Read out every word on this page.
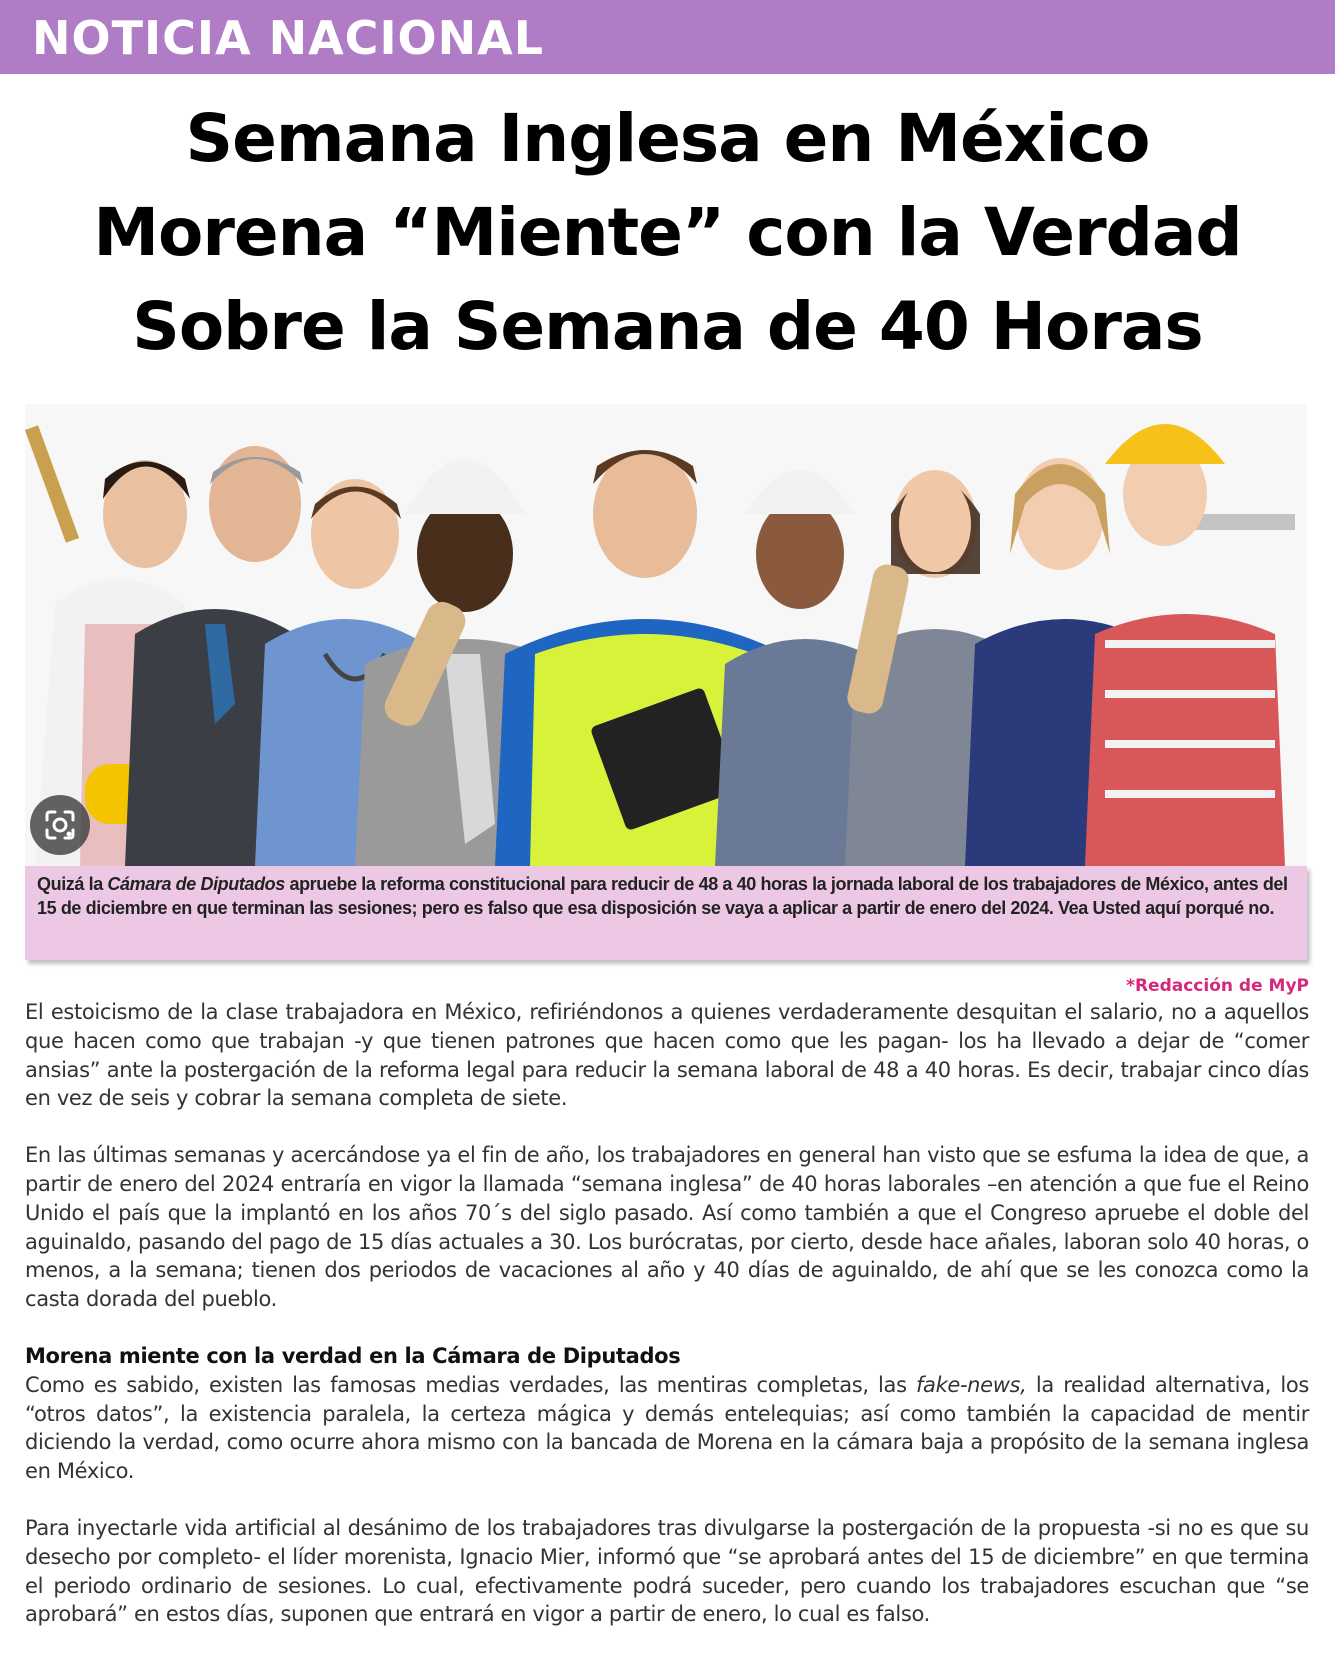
NOTICIA NACIONAL
Semana Inglesa en México
Morena “Miente” con la Verdad
Sobre la Semana de 40 Horas
Quizá la Cámara de Diputados apruebe la reforma constitucional para reducir de 48 a 40 horas la jornada laboral de los trabajadores de México, antes del 15 de diciembre en que terminan las sesiones; pero es falso que esa disposición se vaya a aplicar a partir de enero del 2024. Vea Usted aquí porqué no.
*Redacción de MyP

El estoicismo de la clase trabajadora en México, refiriéndonos a quienes verdaderamente desquitan el salario, no a aquellos que hacen como que trabajan -y que tienen patrones que hacen como que les pagan- los ha llevado a dejar de “comer ansias” ante la postergación de la reforma legal para reducir la semana laboral de 48 a 40 horas. Es decir, trabajar cinco días en vez de seis y cobrar la semana completa de siete.

En las últimas semanas y acercándose ya el fin de año, los trabajadores en general han visto que se esfuma la idea de que, a partir de enero del 2024 entraría en vigor la llamada “semana inglesa” de 40 horas laborales –en atención a que fue el Reino Unido el país que la implantó en los años 70´s del siglo pasado. Así como también a que el Congreso apruebe el doble del aguinaldo, pasando del pago de 15 días actuales a 30. Los burócratas, por cierto, desde hace añales, laboran solo 40 horas, o menos, a la semana; tienen dos periodos de vacaciones al año y 40 días de aguinaldo, de ahí que se les conozca como la casta dorada del pueblo.

Morena miente con la verdad en la Cámara de Diputados
Como es sabido, existen las famosas medias verdades, las mentiras completas, las fake-news, la realidad alternativa, los “otros datos”, la existencia paralela, la certeza mágica y demás entelequias; así como también la capacidad de mentir diciendo la verdad, como ocurre ahora mismo con la bancada de Morena en la cámara baja a propósito de la semana inglesa en México.

Para inyectarle vida artificial al desánimo de los trabajadores tras divulgarse la postergación de la propuesta -si no es que su desecho por completo- el líder morenista, Ignacio Mier, informó que “se aprobará antes del 15 de diciembre” en que termina el periodo ordinario de sesiones. Lo cual, efectivamente podrá suceder, pero cuando los trabajadores escuchan que “se aprobará” en estos días, suponen que entrará en vigor a partir de enero, lo cual es falso.
